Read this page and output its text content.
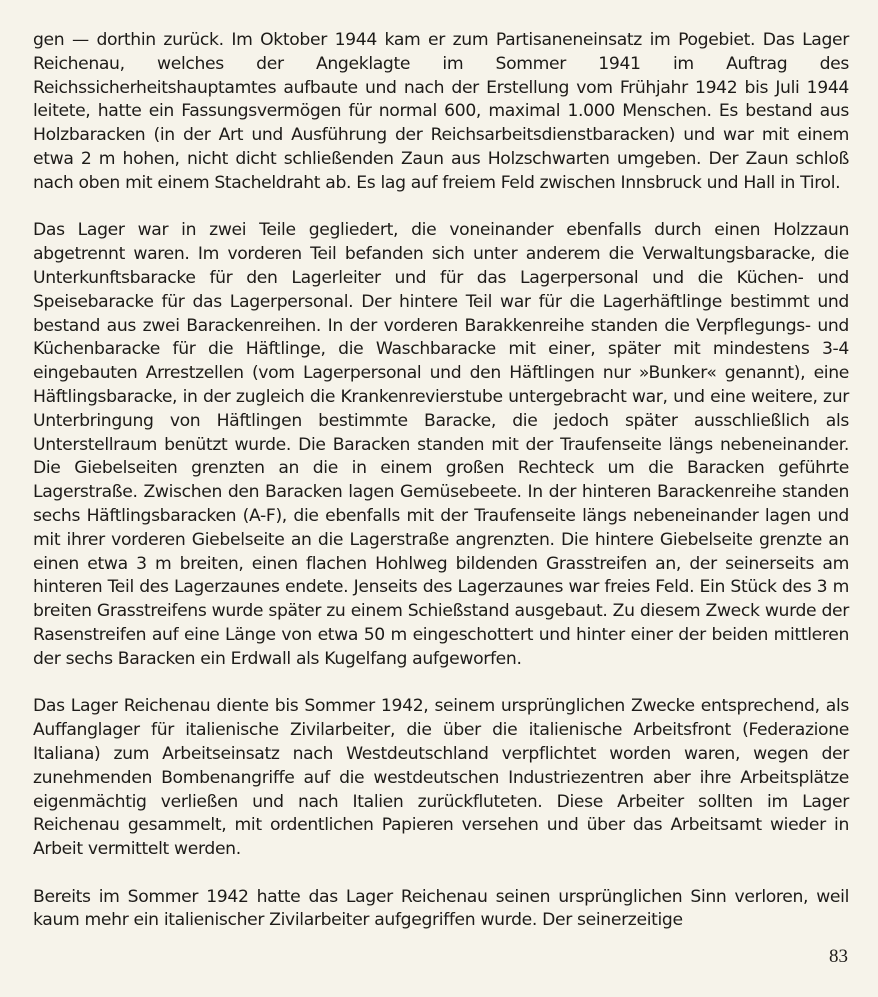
gen — dorthin zurück. Im Oktober 1944 kam er zum Partisaneneinsatz im Pogebiet. Das Lager Reichenau, welches der Angeklagte im Sommer 1941 im Auftrag des Reichssicherheitshauptamtes aufbaute und nach der Erstellung vom Frühjahr 1942 bis Juli 1944 leitete, hatte ein Fassungsvermögen für normal 600, maximal 1.000 Menschen. Es bestand aus Holzbaracken (in der Art und Ausführung der Reichsarbeitsdienstbaracken) und war mit einem etwa 2 m hohen, nicht dicht schließenden Zaun aus Holzschwarten umgeben. Der Zaun schloß nach oben mit einem Stacheldraht ab. Es lag auf freiem Feld zwischen Innsbruck und Hall in Tirol.

Das Lager war in zwei Teile gegliedert, die voneinander ebenfalls durch einen Holzzaun abgetrennt waren. Im vorderen Teil befanden sich unter anderem die Verwaltungsbaracke, die Unterkunftsbaracke für den Lagerleiter und für das Lagerpersonal und die Küchen- und Speisebaracke für das Lagerpersonal. Der hintere Teil war für die Lagerhäftlinge bestimmt und bestand aus zwei Barackenreihen. In der vorderen Barakkenreihe standen die Verpflegungs- und Küchenbaracke für die Häftlinge, die Waschbaracke mit einer, später mit mindestens 3-4 eingebauten Arrestzellen (vom Lagerpersonal und den Häftlingen nur »Bunker« genannt), eine Häftlingsbaracke, in der zugleich die Krankenrevierstube untergebracht war, und eine weitere, zur Unterbringung von Häftlingen bestimmte Baracke, die jedoch später ausschließlich als Unterstellraum benützt wurde. Die Baracken standen mit der Traufenseite längs nebeneinander. Die Giebelseiten grenzten an die in einem großen Rechteck um die Baracken geführte Lagerstraße. Zwischen den Baracken lagen Gemüsebeete. In der hinteren Barackenreihe standen sechs Häftlingsbaracken (A-F), die ebenfalls mit der Traufenseite längs nebeneinander lagen und mit ihrer vorderen Giebelseite an die Lagerstraße angrenzten. Die hintere Giebelseite grenzte an einen etwa 3 m breiten, einen flachen Hohlweg bildenden Grasstreifen an, der seinerseits am hinteren Teil des Lagerzaunes endete. Jenseits des Lagerzaunes war freies Feld. Ein Stück des 3 m breiten Grasstreifens wurde später zu einem Schießstand ausgebaut. Zu diesem Zweck wurde der Rasenstreifen auf eine Länge von etwa 50 m eingeschottert und hinter einer der beiden mittleren der sechs Baracken ein Erdwall als Kugelfang aufgeworfen.

Das Lager Reichenau diente bis Sommer 1942, seinem ursprünglichen Zwecke entsprechend, als Auffanglager für italienische Zivilarbeiter, die über die italienische Arbeitsfront (Federazione Italiana) zum Arbeitseinsatz nach Westdeutschland verpflichtet worden waren, wegen der zunehmenden Bombenangriffe auf die westdeutschen Industriezentren aber ihre Arbeitsplätze eigenmächtig verließen und nach Italien zurückfluteten. Diese Arbeiter sollten im Lager Reichenau gesammelt, mit ordentlichen Papieren versehen und über das Arbeitsamt wieder in Arbeit vermittelt werden.

Bereits im Sommer 1942 hatte das Lager Reichenau seinen ursprünglichen Sinn verloren, weil kaum mehr ein italienischer Zivilarbeiter aufgegriffen wurde. Der seinerzeitige

83
